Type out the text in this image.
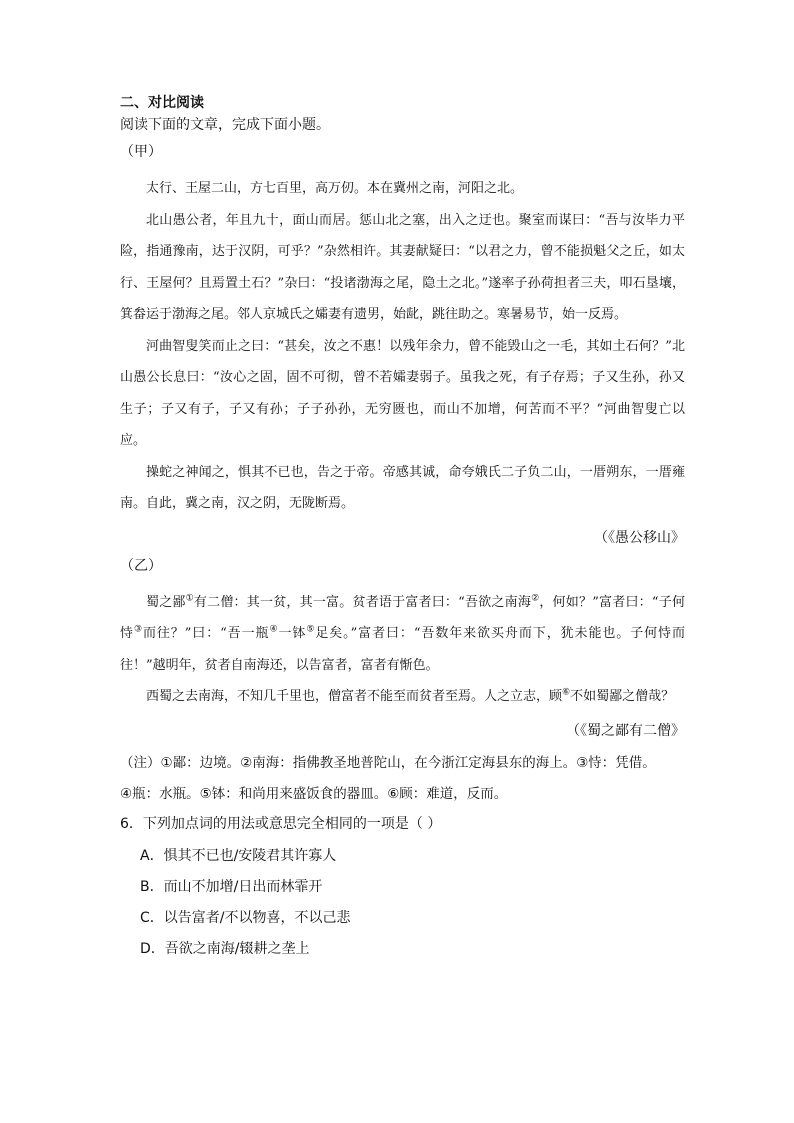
二、对比阅读

阅读下面的文章，完成下面小题。

（甲）

太行、王屋二山，方七百里，高万仞。本在冀州之南，河阳之北。

北山愚公者，年且九十，面山而居。惩山北之塞，出入之迂也。聚室而谋曰：“吾与汝毕力平险，指通豫南，达于汉阴，可乎？”杂然相许。其妻献疑曰：“以君之力，曾不能损魁父之丘，如太行、王屋何？且焉置土石？”杂曰：“投诸渤海之尾，隐土之北。”遂率子孙荷担者三夫，叩石垦壤，箕畚运于渤海之尾。邻人京城氏之孀妻有遗男，始龀，跳往助之。寒暑易节，始一反焉。

河曲智叟笑而止之曰：“甚矣，汝之不惠！以残年余力，曾不能毁山之一毛，其如土石何？”北山愚公长息曰：“汝心之固，固不可彻，曾不若孀妻弱子。虽我之死，有子存焉；子又生孙，孙又生子；子又有子，子又有孙；子子孙孙，无穷匮也，而山不加增，何苦而不平？”河曲智叟亡以应。

操蛇之神闻之，惧其不已也，告之于帝。帝感其诚，命夸娥氏二子负二山，一厝朔东，一厝雍南。自此，冀之南，汉之阴，无陇断焉。

（《愚公移山》

（乙）

蜀之鄙①有二僧：其一贫，其一富。贫者语于富者曰：“吾欲之南海②，何如？”富者曰：“子何恃③而往？”曰：“吾一瓶④一钵⑤足矣。”富者曰：“吾数年来欲买舟而下，犹未能也。子何恃而往！”越明年，贫者自南海还，以告富者，富者有惭色。

西蜀之去南海，不知几千里也，僧富者不能至而贫者至焉。人之立志，顾⑥不如蜀鄙之僧哉？

（《蜀之鄙有二僧》

（注）①鄙：边境。②南海：指佛教圣地普陀山，在今浙江定海县东的海上。③恃：凭借。

④瓶：水瓶。⑤钵：和尚用来盛饭食的器皿。⑥顾：难道，反而。

6．下列加点词的用法或意思完全相同的一项是（ ）

A．惧其不已也/安陵君其许寡人

B．而山不加增/日出而林霏开

C．以告富者/不以物喜，不以己悲

D．吾欲之南海/辍耕之垄上
